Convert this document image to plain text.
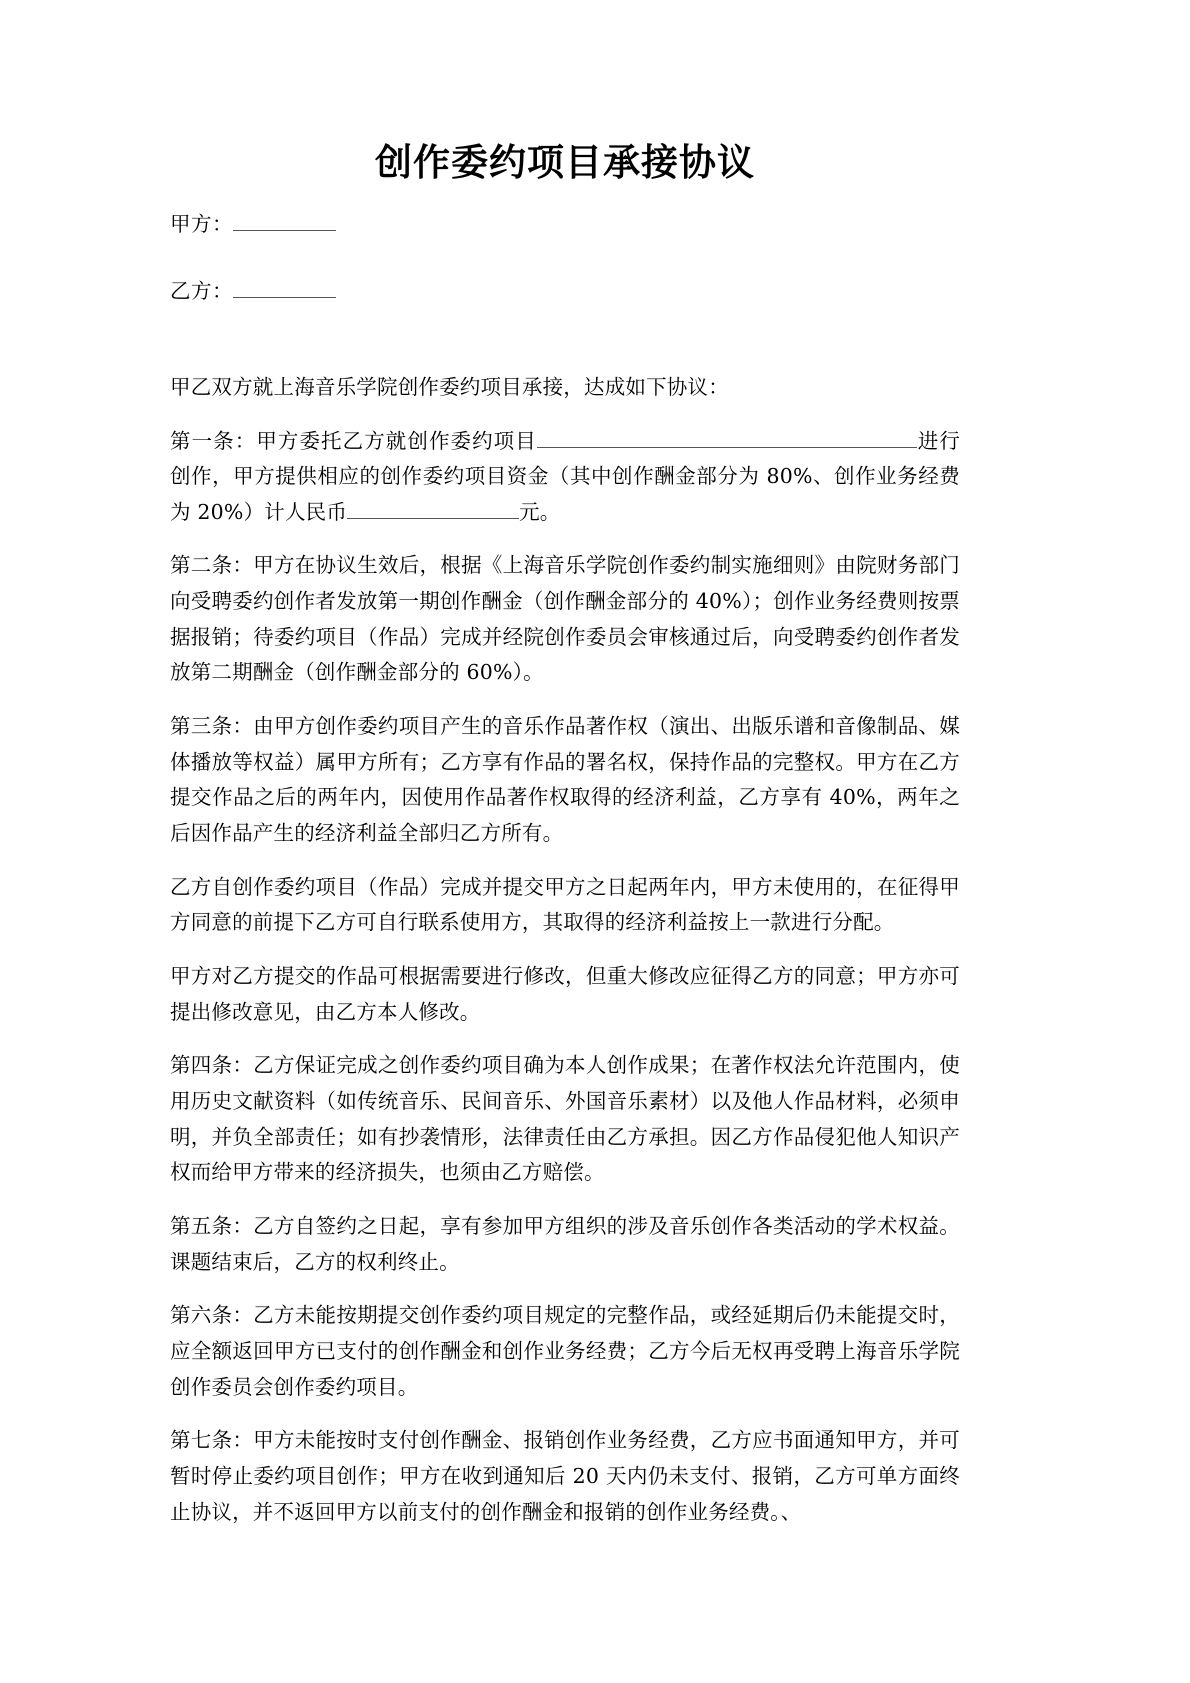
创作委约项目承接协议
甲方：
乙方：

甲乙双方就上海音乐学院创作委约项目承接，达成如下协议：

第一条：甲方委托乙方就创作委约项目	进行创作，甲方提供相应的创作委约项目资金（其中创作酬金部分为 80%、创作业务经费为 20%）计人民币	元。

第二条：甲方在协议生效后，根据《上海音乐学院创作委约制实施细则》由院财务部门向受聘委约创作者发放第一期创作酬金（创作酬金部分的 40%）；创作业务经费则按票据报销；待委约项目（作品）完成并经院创作委员会审核通过后，向受聘委约创作者发放第二期酬金（创作酬金部分的 60%）。

第三条：由甲方创作委约项目产生的音乐作品著作权（演出、出版乐谱和音像制品、媒体播放等权益）属甲方所有；乙方享有作品的署名权，保持作品的完整权。甲方在乙方提交作品之后的两年内，因使用作品著作权取得的经济利益，乙方享有 40%，两年之后因作品产生的经济利益全部归乙方所有。

乙方自创作委约项目（作品）完成并提交甲方之日起两年内，甲方未使用的，在征得甲方同意的前提下乙方可自行联系使用方，其取得的经济利益按上一款进行分配。

甲方对乙方提交的作品可根据需要进行修改，但重大修改应征得乙方的同意；甲方亦可提出修改意见，由乙方本人修改。

第四条：乙方保证完成之创作委约项目确为本人创作成果；在著作权法允许范围内，使用历史文献资料（如传统音乐、民间音乐、外国音乐素材）以及他人作品材料，必须申明，并负全部责任；如有抄袭情形，法律责任由乙方承担。因乙方作品侵犯他人知识产权而给甲方带来的经济损失，也须由乙方赔偿。

第五条：乙方自签约之日起，享有参加甲方组织的涉及音乐创作各类活动的学术权益。课题结束后，乙方的权利终止。

第六条：乙方未能按期提交创作委约项目规定的完整作品，或经延期后仍未能提交时，应全额返回甲方已支付的创作酬金和创作业务经费；乙方今后无权再受聘上海音乐学院创作委员会创作委约项目。

第七条：甲方未能按时支付创作酬金、报销创作业务经费，乙方应书面通知甲方，并可暂时停止委约项目创作；甲方在收到通知后 20 天内仍未支付、报销，乙方可单方面终止协议，并不返回甲方以前支付的创作酬金和报销的创作业务经费。、
